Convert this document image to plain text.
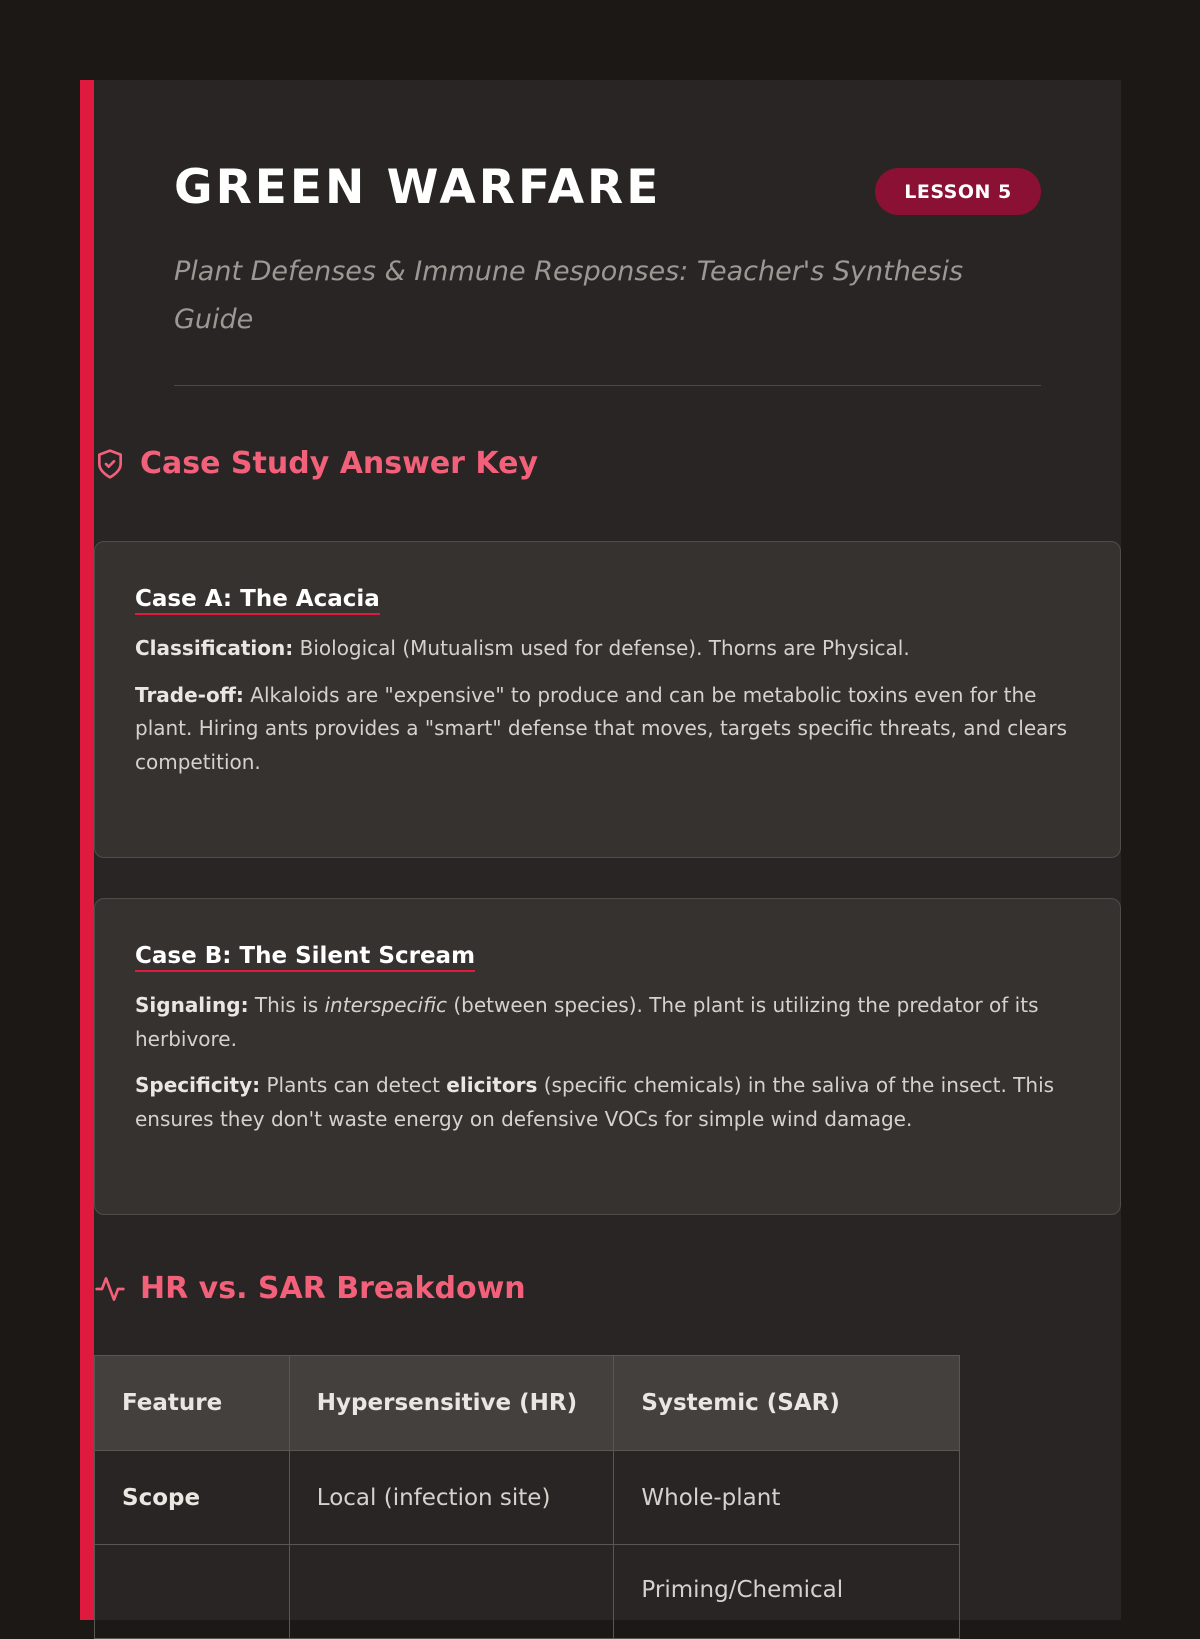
GREEN WARFARE	LESSON 5
Plant Defenses & Immune Responses: Teacher's Synthesis Guide
Case Study Answer Key
Case A: The Acacia

Classification: Biological (Mutualism used for defense). Thorns are Physical.

Trade-off: Alkaloids are "expensive" to produce and can be metabolic toxins even for the plant. Hiring ants provides a "smart" defense that moves, targets specific threats, and clears competition.

Case B: The Silent Scream

Signaling: This is interspecific (between species). The plant is utilizing the predator of its herbivore.

Specificity: Plants can detect elicitors (specific chemicals) in the saliva of the insect. This ensures they don't waste energy on defensive VOCs for simple wind damage.

HR vs. SAR Breakdown
Feature	Hypersensitive (HR)	Systemic (SAR)
Scope	Local (infection site)	Whole-plant
		Priming/Chemical
